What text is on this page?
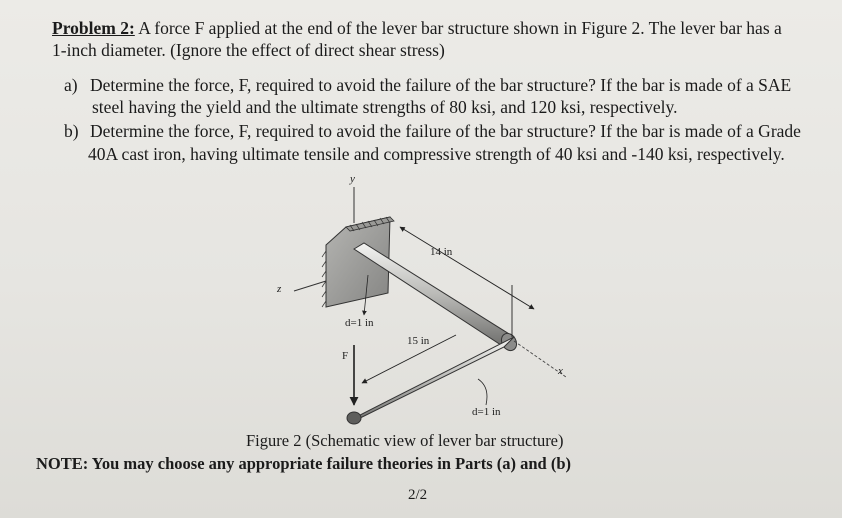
Problem 2: A force F applied at the end of the lever bar structure shown in Figure 2. The lever bar has a
1-inch diameter. (Ignore the effect of direct shear stress)
a) Determine the force, F, required to avoid the failure of the bar structure? If the bar is made of a SAE
steel having the yield and the ultimate strengths of 80 ksi, and 120 ksi, respectively.
b) Determine the force, F, required to avoid the failure of the bar structure? If the bar is made of a Grade
40A cast iron, having ultimate tensile and compressive strength of 40 ksi and -140 ksi, respectively.
y
z
x
14 in
15 in
d=1 in
d=1 in
F
Figure 2 (Schematic view of lever bar structure)
NOTE: You may choose any appropriate failure theories in Parts (a) and (b)
2/2
